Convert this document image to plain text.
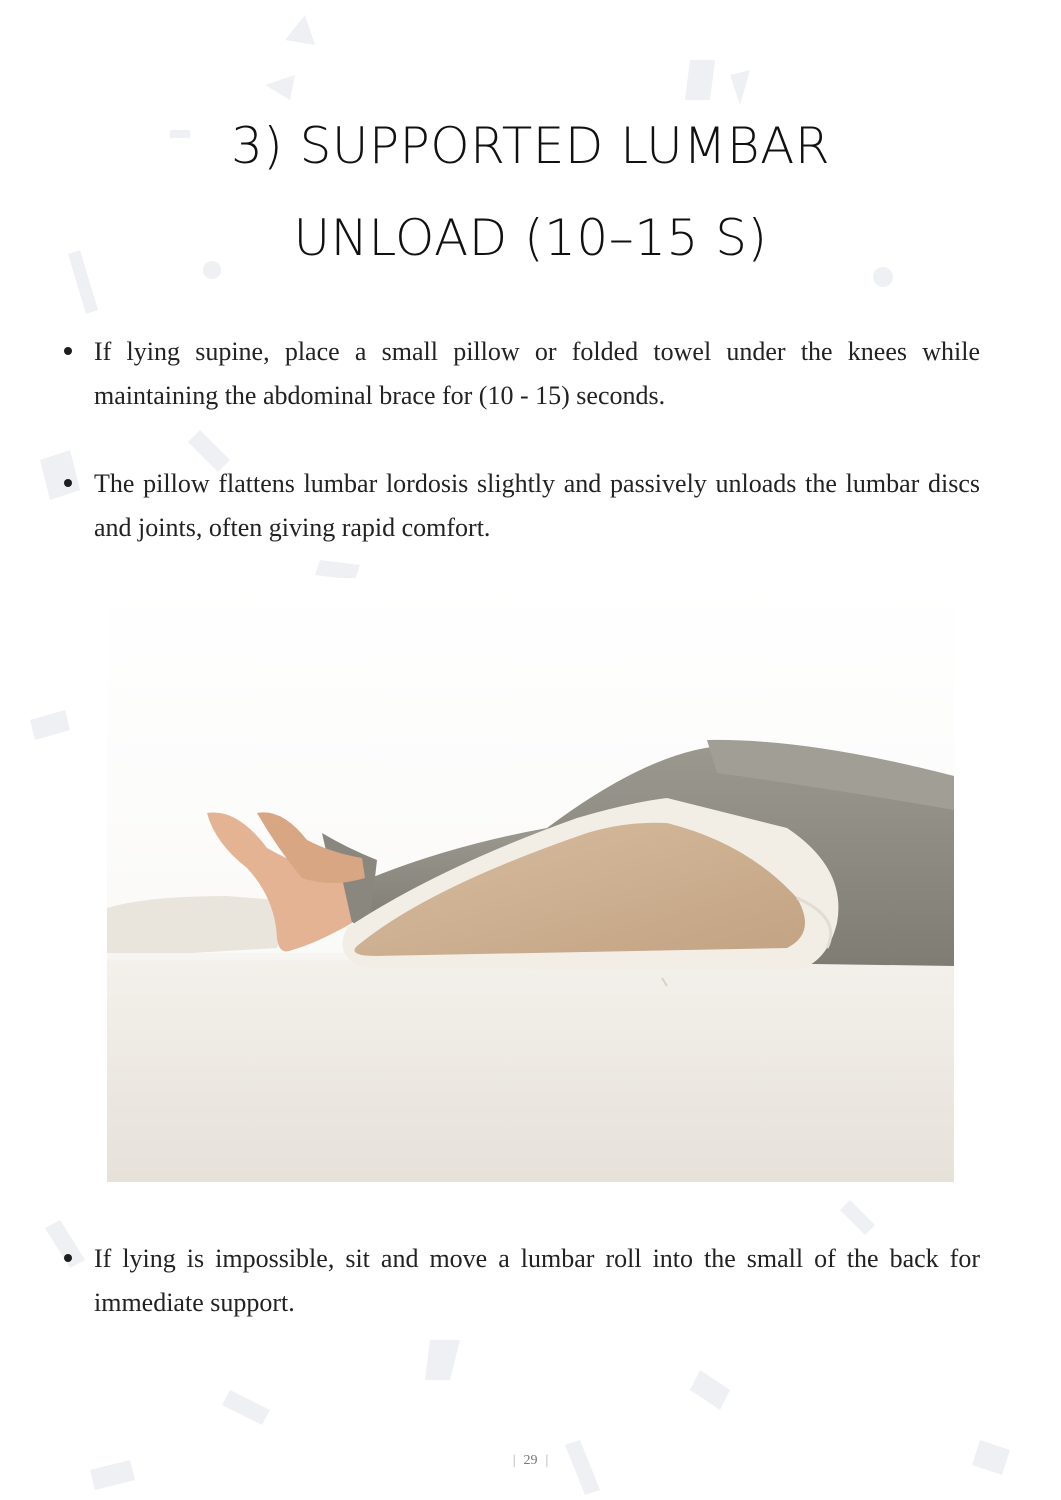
3) SUPPORTED LUMBAR
UNLOAD (10–15 S)
If lying supine, place a small pillow or folded towel under the knees while maintaining the abdominal brace for (10 - 15) seconds.
The pillow flattens lumbar lordosis slightly and passively unloads the lumbar discs and joints, often giving rapid comfort.
If lying is impossible, sit and move a lumbar roll into the small of the back for immediate support.
| 29 |
